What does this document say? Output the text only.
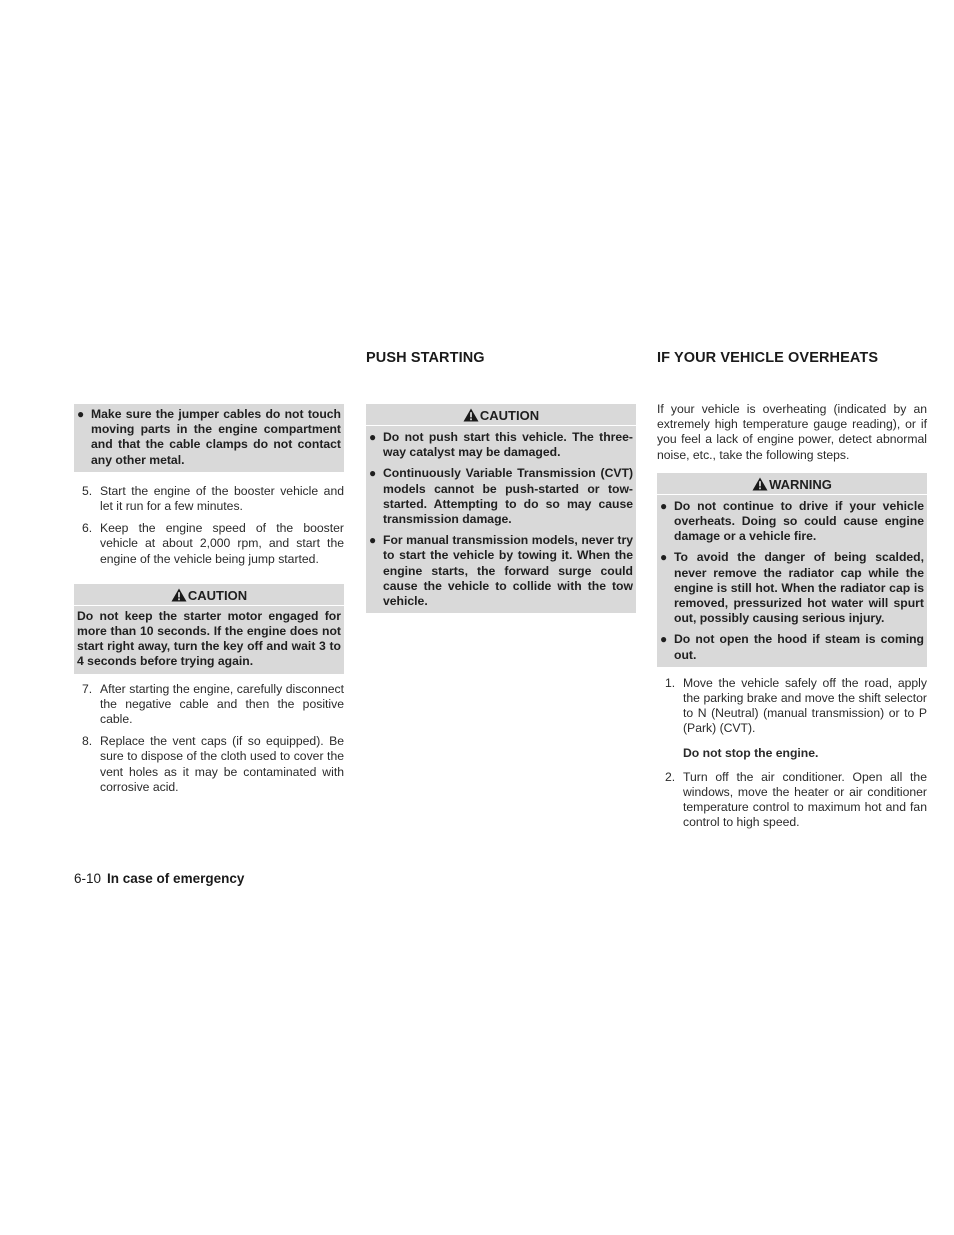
● Make sure the jumper cables do not touch moving parts in the engine compartment and that the cable clamps do not contact any other metal.
5. Start the engine of the booster vehicle and let it run for a few minutes.
6. Keep the engine speed of the booster vehicle at about 2,000 rpm, and start the engine of the vehicle being jump started.
CAUTION
Do not keep the starter motor engaged for more than 10 seconds. If the engine does not start right away, turn the key off and wait 3 to 4 seconds before trying again.
7. After starting the engine, carefully disconnect the negative cable and then the positive cable.
8. Replace the vent caps (if so equipped). Be sure to dispose of the cloth used to cover the vent holes as it may be contaminated with corrosive acid.
PUSH STARTING
CAUTION
● Do not push start this vehicle. The three-way catalyst may be damaged.
● Continuously Variable Transmission (CVT) models cannot be push-started or tow-started. Attempting to do so may cause transmission damage.
● For manual transmission models, never try to start the vehicle by towing it. When the engine starts, the forward surge could cause the vehicle to collide with the tow vehicle.
IF YOUR VEHICLE OVERHEATS
If your vehicle is overheating (indicated by an extremely high temperature gauge reading), or if you feel a lack of engine power, detect abnormal noise, etc., take the following steps.
WARNING
● Do not continue to drive if your vehicle overheats. Doing so could cause engine damage or a vehicle fire.
● To avoid the danger of being scalded, never remove the radiator cap while the engine is still hot. When the radiator cap is removed, pressurized hot water will spurt out, possibly causing serious injury.
● Do not open the hood if steam is coming out.
1. Move the vehicle safely off the road, apply the parking brake and move the shift selector to N (Neutral) (manual transmission) or to P (Park) (CVT).
Do not stop the engine.
2. Turn off the air conditioner. Open all the windows, move the heater or air conditioner temperature control to maximum hot and fan control to high speed.
6-10 In case of emergency
